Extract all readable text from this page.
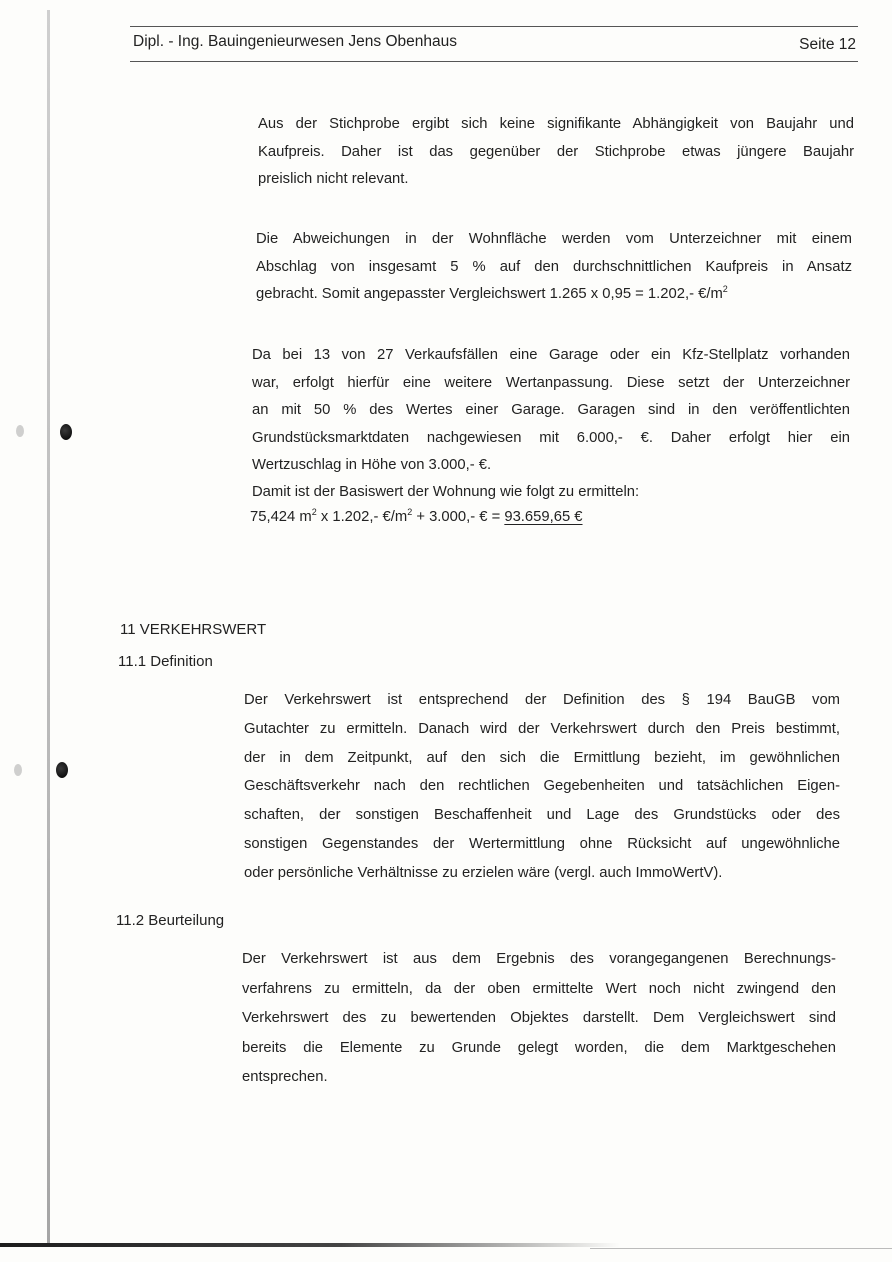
Dipl. - Ing. Bauingenieurwesen Jens Obenhaus	Seite 12

Aus der Stichprobe ergibt sich keine signifikante Abhängigkeit von Baujahr und
Kaufpreis. Daher ist das gegenüber der Stichprobe etwas jüngere Baujahr
preislich nicht relevant.

Die Abweichungen in der Wohnfläche werden vom Unterzeichner mit einem
Abschlag von insgesamt 5 % auf den durchschnittlichen Kaufpreis in Ansatz
gebracht. Somit angepasster Vergleichswert 1.265 x 0,95 = 1.202,- $€/m^2$

Da bei 13 von 27 Verkaufsfällen eine Garage oder ein Kfz-Stellplatz vorhanden
war, erfolgt hierfür eine weitere Wertanpassung. Diese setzt der Unterzeichner
an mit 50 % des Wertes einer Garage. Garagen sind in den veröffentlichten
Grundstücksmarktdaten nachgewiesen mit 6.000,- €. Daher erfolgt hier ein
Wertzuschlag in Höhe von 3.000,- €.
Damit ist der Basiswert der Wohnung wie folgt zu ermitteln:

75,424 $m^2$ x 1.202,- $€/m^2 + 3.000,-$ € = 93.659,65 €
11 VERKEHRSWERT
11.1 Definition

Der Verkehrswert ist entsprechend der Definition des § 194 BauGB vom
Gutachter zu ermitteln. Danach wird der Verkehrswert durch den Preis bestimmt,
der in dem Zeitpunkt, auf den sich die Ermittlung bezieht, im gewöhnlichen
Geschäftsverkehr nach den rechtlichen Gegebenheiten und tatsächlichen Eigen-
schaften, der sonstigen Beschaffenheit und Lage des Grundstücks oder des
sonstigen Gegenstandes der Wertermittlung ohne Rücksicht auf ungewöhnliche
oder persönliche Verhältnisse zu erzielen wäre (vergl. auch ImmoWertV).

11.2 Beurteilung

Der Verkehrswert ist aus dem Ergebnis des vorangegangenen Berechnungs-
verfahrens zu ermitteln, da der oben ermittelte Wert noch nicht zwingend den
Verkehrswert des zu bewertenden Objektes darstellt. Dem Vergleichswert sind
bereits die Elemente zu Grunde gelegt worden, die dem Marktgeschehen
entsprechen.
